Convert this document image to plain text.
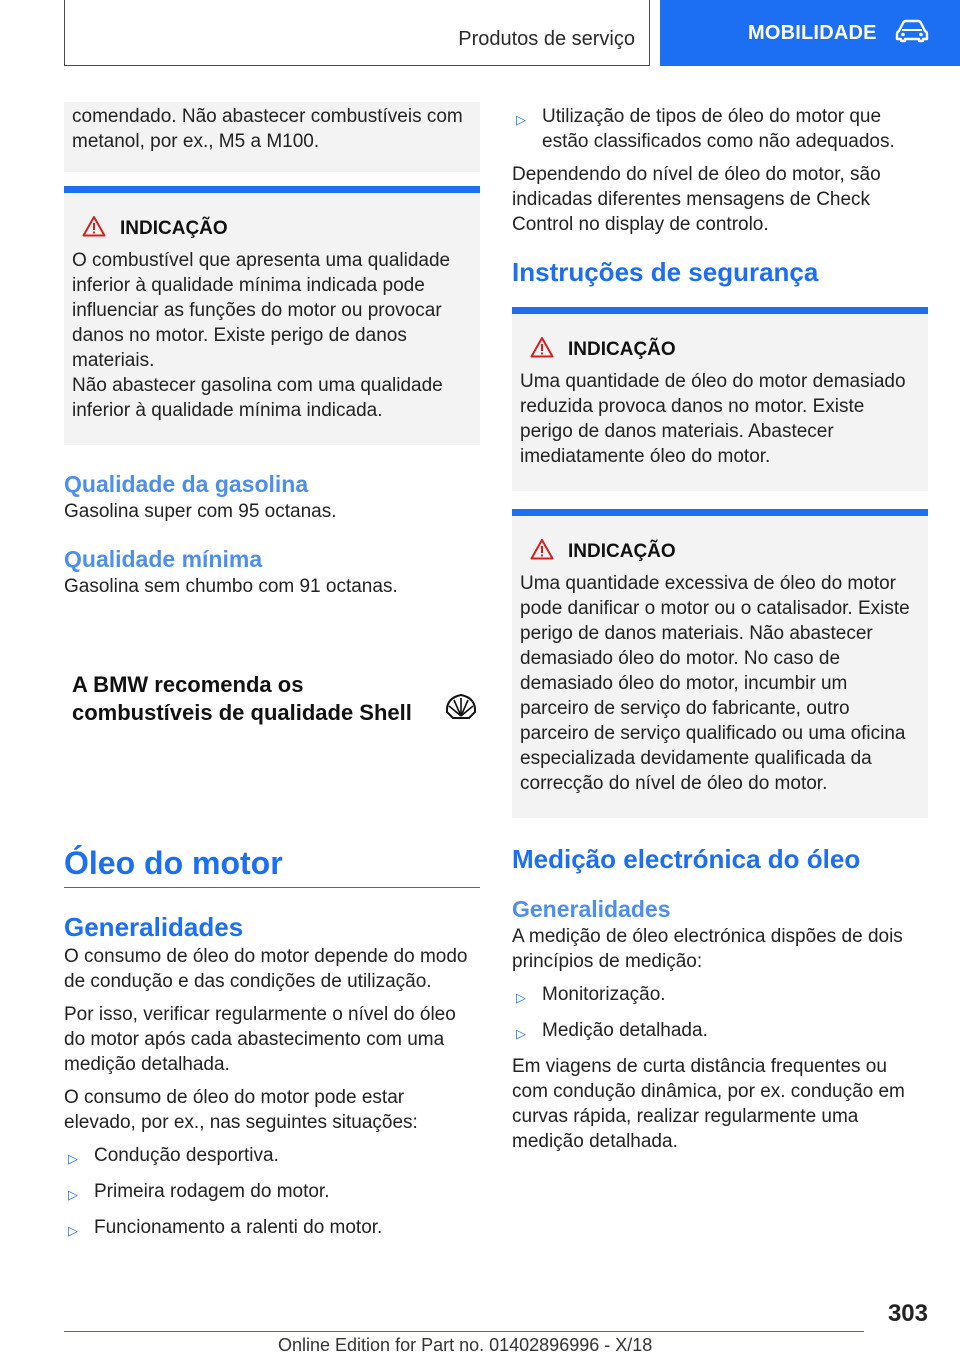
Produtos de serviço	MOBILIDADE
comendado. Não abastecer combustíveis com metanol, por ex., M5 a M100.
INDICAÇÃO
O combustível que apresenta uma qualidade inferior à qualidade mínima indicada pode influenciar as funções do motor ou provocar danos no motor. Existe perigo de danos materiais.
Não abastecer gasolina com uma qualidade inferior à qualidade mínima indicada.
Qualidade da gasolina
Gasolina super com 95 octanas.
Qualidade mínima
Gasolina sem chumbo com 91 octanas.
A BMW recomenda os combustíveis de qualidade Shell
Óleo do motor
Generalidades
O consumo de óleo do motor depende do modo de condução e das condições de utilização.
Por isso, verificar regularmente o nível do óleo do motor após cada abastecimento com uma medição detalhada.
O consumo de óleo do motor pode estar elevado, por ex., nas seguintes situações:
▷ Condução desportiva.
▷ Primeira rodagem do motor.
▷ Funcionamento a ralenti do motor.
▷ Utilização de tipos de óleo do motor que estão classificados como não adequados.
Dependendo do nível de óleo do motor, são indicadas diferentes mensagens de Check Control no display de controlo.
Instruções de segurança
INDICAÇÃO
Uma quantidade de óleo do motor demasiado reduzida provoca danos no motor. Existe perigo de danos materiais. Abastecer imediatamente óleo do motor.
INDICAÇÃO
Uma quantidade excessiva de óleo do motor pode danificar o motor ou o catalisador. Existe perigo de danos materiais. Não abastecer demasiado óleo do motor. No caso de demasiado óleo do motor, incumbir um parceiro de serviço do fabricante, outro parceiro de serviço qualificado ou uma oficina especializada devidamente qualificada da correcção do nível de óleo do motor.
Medição electrónica do óleo
Generalidades
A medição de óleo electrónica dispões de dois princípios de medição:
▷ Monitorização.
▷ Medição detalhada.
Em viagens de curta distância frequentes ou com condução dinâmica, por ex. condução em curvas rápida, realizar regularmente uma medição detalhada.
303
Online Edition for Part no. 01402896996 - X/18
